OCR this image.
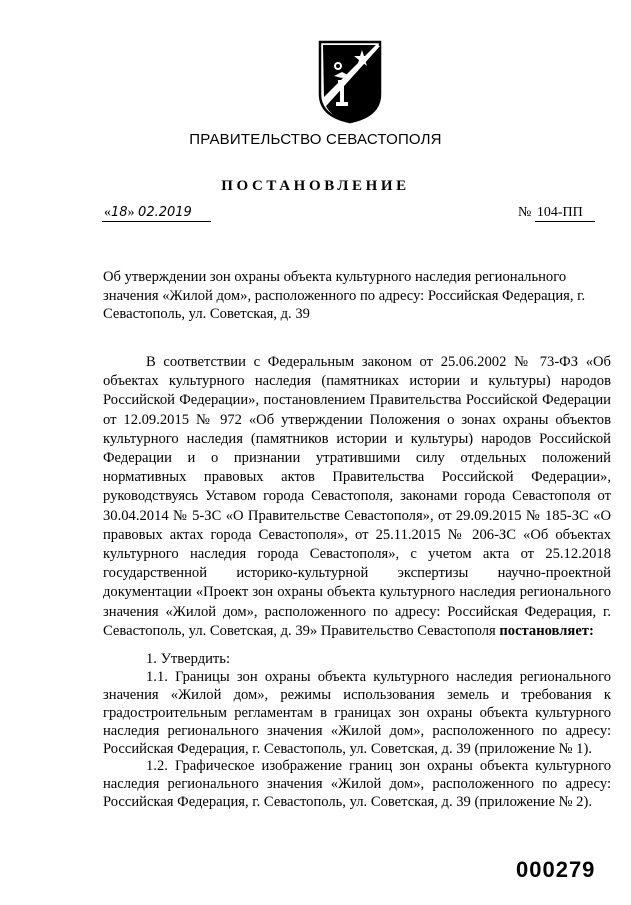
ПРАВИТЕЛЬСТВО СЕВАСТОПОЛЯ
ПОСТАНОВЛЕНИЕ
«18» 02.2019	№ 104-ПП
Об утверждении зон охраны объекта культурного наследия регионального значения «Жилой дом», расположенного по адресу: Российская Федерация, г. Севастополь, ул. Советская, д. 39

В соответствии с Федеральным законом от 25.06.2002 № 73-ФЗ «Об объектах культурного наследия (памятниках истории и культуры) народов Российской Федерации», постановлением Правительства Российской Федерации от 12.09.2015 № 972 «Об утверждении Положения о зонах охраны объектов культурного наследия (памятников истории и культуры) народов Российской Федерации и о признании утратившими силу отдельных положений нормативных правовых актов Правительства Российской Федерации», руководствуясь Уставом города Севастополя, законами города Севастополя от 30.04.2014 № 5-ЗС «О Правительстве Севастополя», от 29.09.2015 № 185-ЗС «О правовых актах города Севастополя», от 25.11.2015 № 206-ЗС «Об объектах культурного наследия города Севастополя», с учетом акта от 25.12.2018 государственной историко-культурной экспертизы научно-проектной документации «Проект зон охраны объекта культурного наследия регионального значения «Жилой дом», расположенного по адресу: Российская Федерация, г. Севастополь, ул. Советская, д. 39» Правительство Севастополя постановляет:

1. Утвердить:

1.1. Границы зон охраны объекта культурного наследия регионального значения «Жилой дом», режимы использования земель и требования к градостроительным регламентам в границах зон охраны объекта культурного наследия регионального значения «Жилой дом», расположенного по адресу: Российская Федерация, г. Севастополь, ул. Советская, д. 39 (приложение № 1).

1.2. Графическое изображение границ зон охраны объекта культурного наследия регионального значения «Жилой дом», расположенного по адресу: Российская Федерация, г. Севастополь, ул. Советская, д. 39 (приложение № 2).

000279
